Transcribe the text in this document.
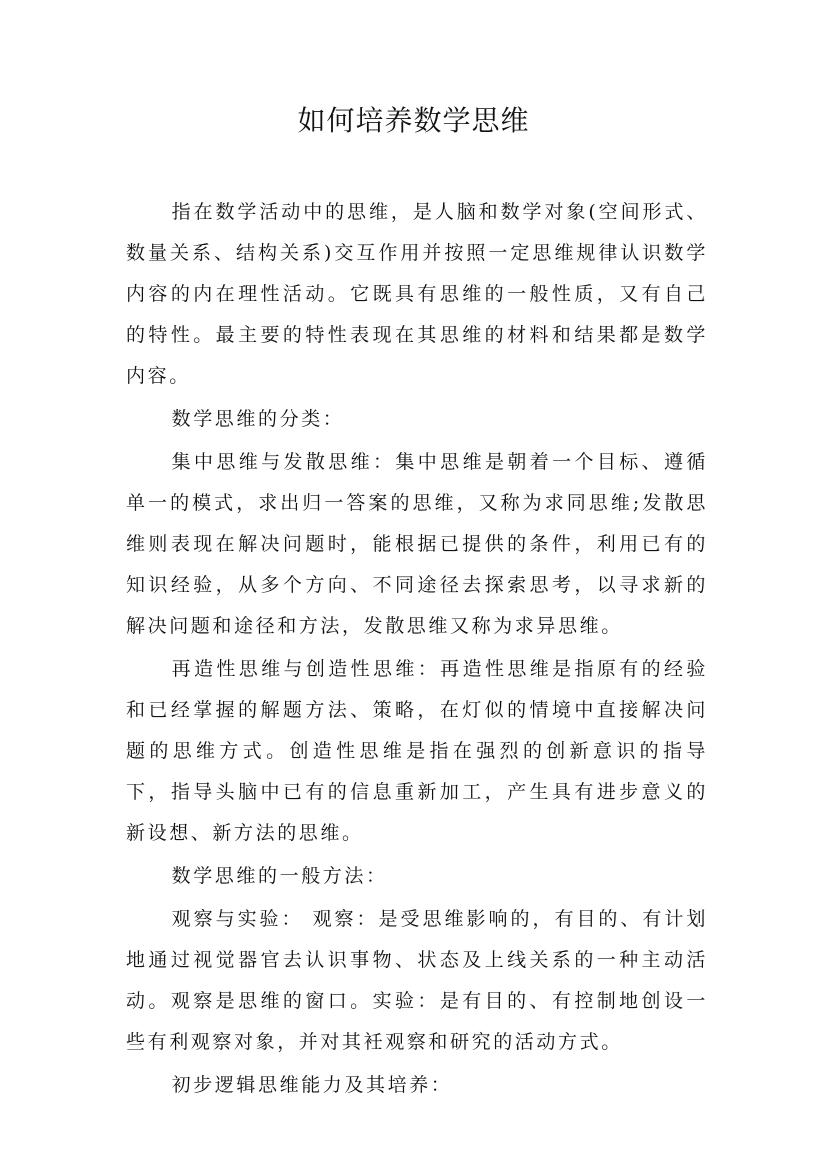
如何培养数学思维

指在数学活动中的思维，是人脑和数学对象(空间形式、数量关系、结构关系)交互作用并按照一定思维规律认识数学内容的内在理性活动。它既具有思维的一般性质，又有自己的特性。最主要的特性表现在其思维的材料和结果都是数学内容。

数学思维的分类：

集中思维与发散思维：集中思维是朝着一个目标、遵循单一的模式，求出归一答案的思维，又称为求同思维;发散思维则表现在解决问题时，能根据已提供的条件，利用已有的知识经验，从多个方向、不同途径去探索思考，以寻求新的解决问题和途径和方法，发散思维又称为求异思维。

再造性思维与创造性思维：再造性思维是指原有的经验和已经掌握的解题方法、策略，在灯似的情境中直接解决问题的思维方式。创造性思维是指在强烈的创新意识的指导下，指导头脑中已有的信息重新加工，产生具有进步意义的新设想、新方法的思维。

数学思维的一般方法：

观察与实验： 观察：是受思维影响的，有目的、有计划地通过视觉器官去认识事物、状态及上线关系的一种主动活动。观察是思维的窗口。实验：是有目的、有控制地创设一些有利观察对象，并对其衽观察和研究的活动方式。

初步逻辑思维能力及其培养：
